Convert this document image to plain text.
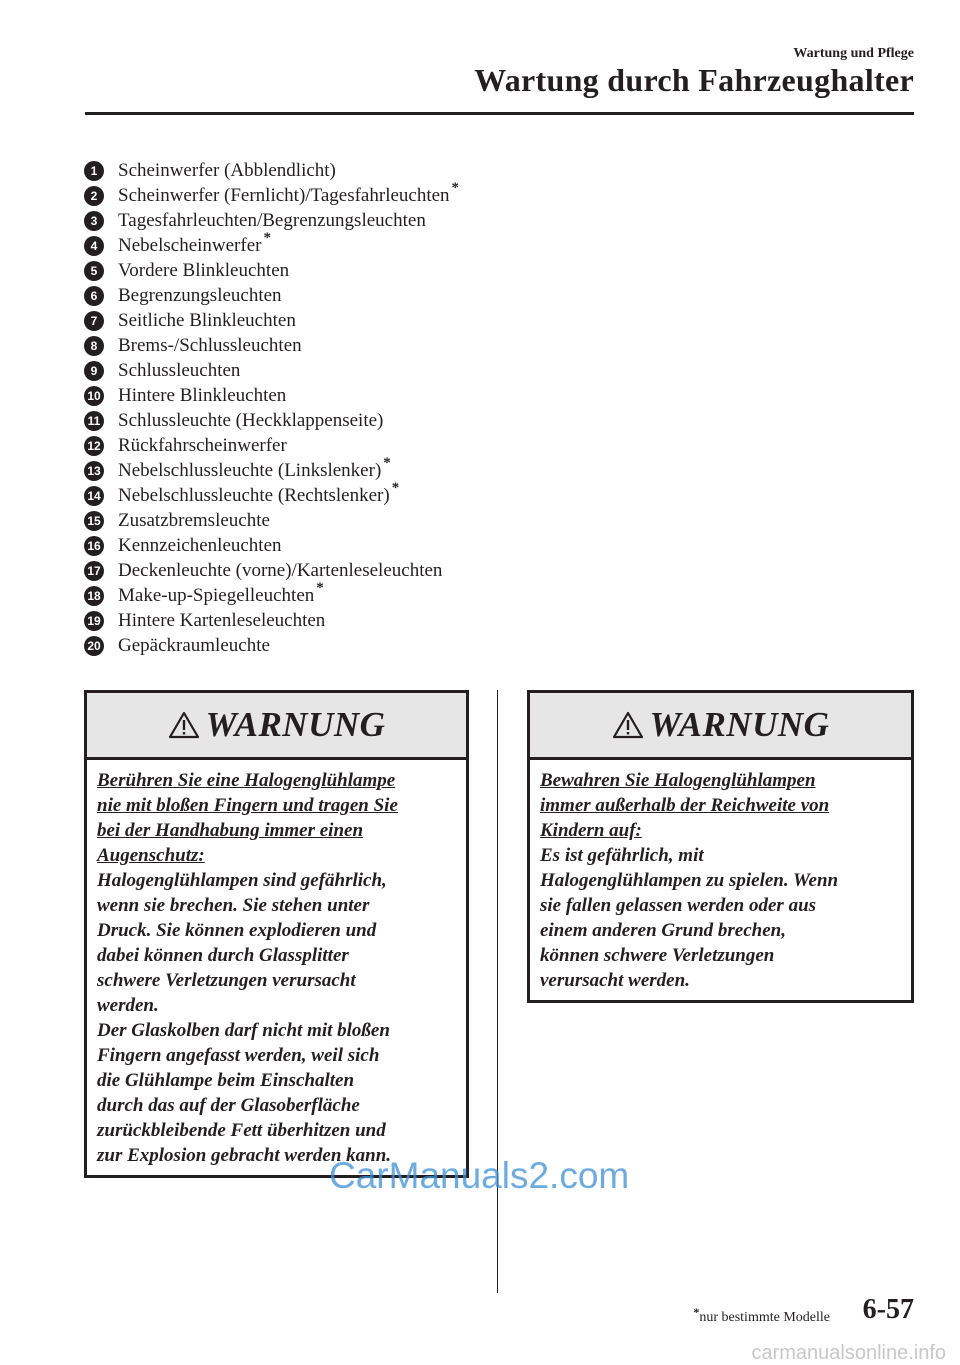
Wartung und Pflege
Wartung durch Fahrzeughalter
1	Scheinwerfer (Abblendlicht)
2	Scheinwerfer (Fernlicht)/Tagesfahrleuchten *
3	Tagesfahrleuchten/Begrenzungsleuchten
4	Nebelscheinwerfer *
5	Vordere Blinkleuchten
6	Begrenzungsleuchten
7	Seitliche Blinkleuchten
8	Brems-/Schlussleuchten
9	Schlussleuchten
10 Hintere Blinkleuchten
11 Schlussleuchte (Heckklappenseite)
12 Rückfahrscheinwerfer
13 Nebelschlussleuchte (Linkslenker) *
14 Nebelschlussleuchte (Rechtslenker) *
15 Zusatzbremsleuchte
16 Kennzeichenleuchten
17 Deckenleuchte (vorne)/Kartenleseleuchten
18 Make-up-Spiegelleuchten *
19 Hintere Kartenleseleuchten
20 Gepäckraumleuchte
WARNUNG
Berühren Sie eine Halogenglühlampe
nie mit bloßen Fingern und tragen Sie
bei der Handhabung immer einen
Augenschutz:
Halogenglühlampen sind gefährlich,
wenn sie brechen. Sie stehen unter
Druck. Sie können explodieren und
dabei können durch Glassplitter
schwere Verletzungen verursacht
werden.
Der Glaskolben darf nicht mit bloßen
Fingern angefasst werden, weil sich
die Glühlampe beim Einschalten
durch das auf der Glasoberfläche
zurückbleibende Fett überhitzen und
zur Explosion gebracht werden kann.
WARNUNG
Bewahren Sie Halogenglühlampen
immer außerhalb der Reichweite von
Kindern auf:
Es ist gefährlich, mit
Halogenglühlampen zu spielen. Wenn
sie fallen gelassen werden oder aus
einem anderen Grund brechen,
können schwere Verletzungen
verursacht werden.
CarManuals2.com
*nur bestimmte Modelle 6-57
carmanualsonline.info
